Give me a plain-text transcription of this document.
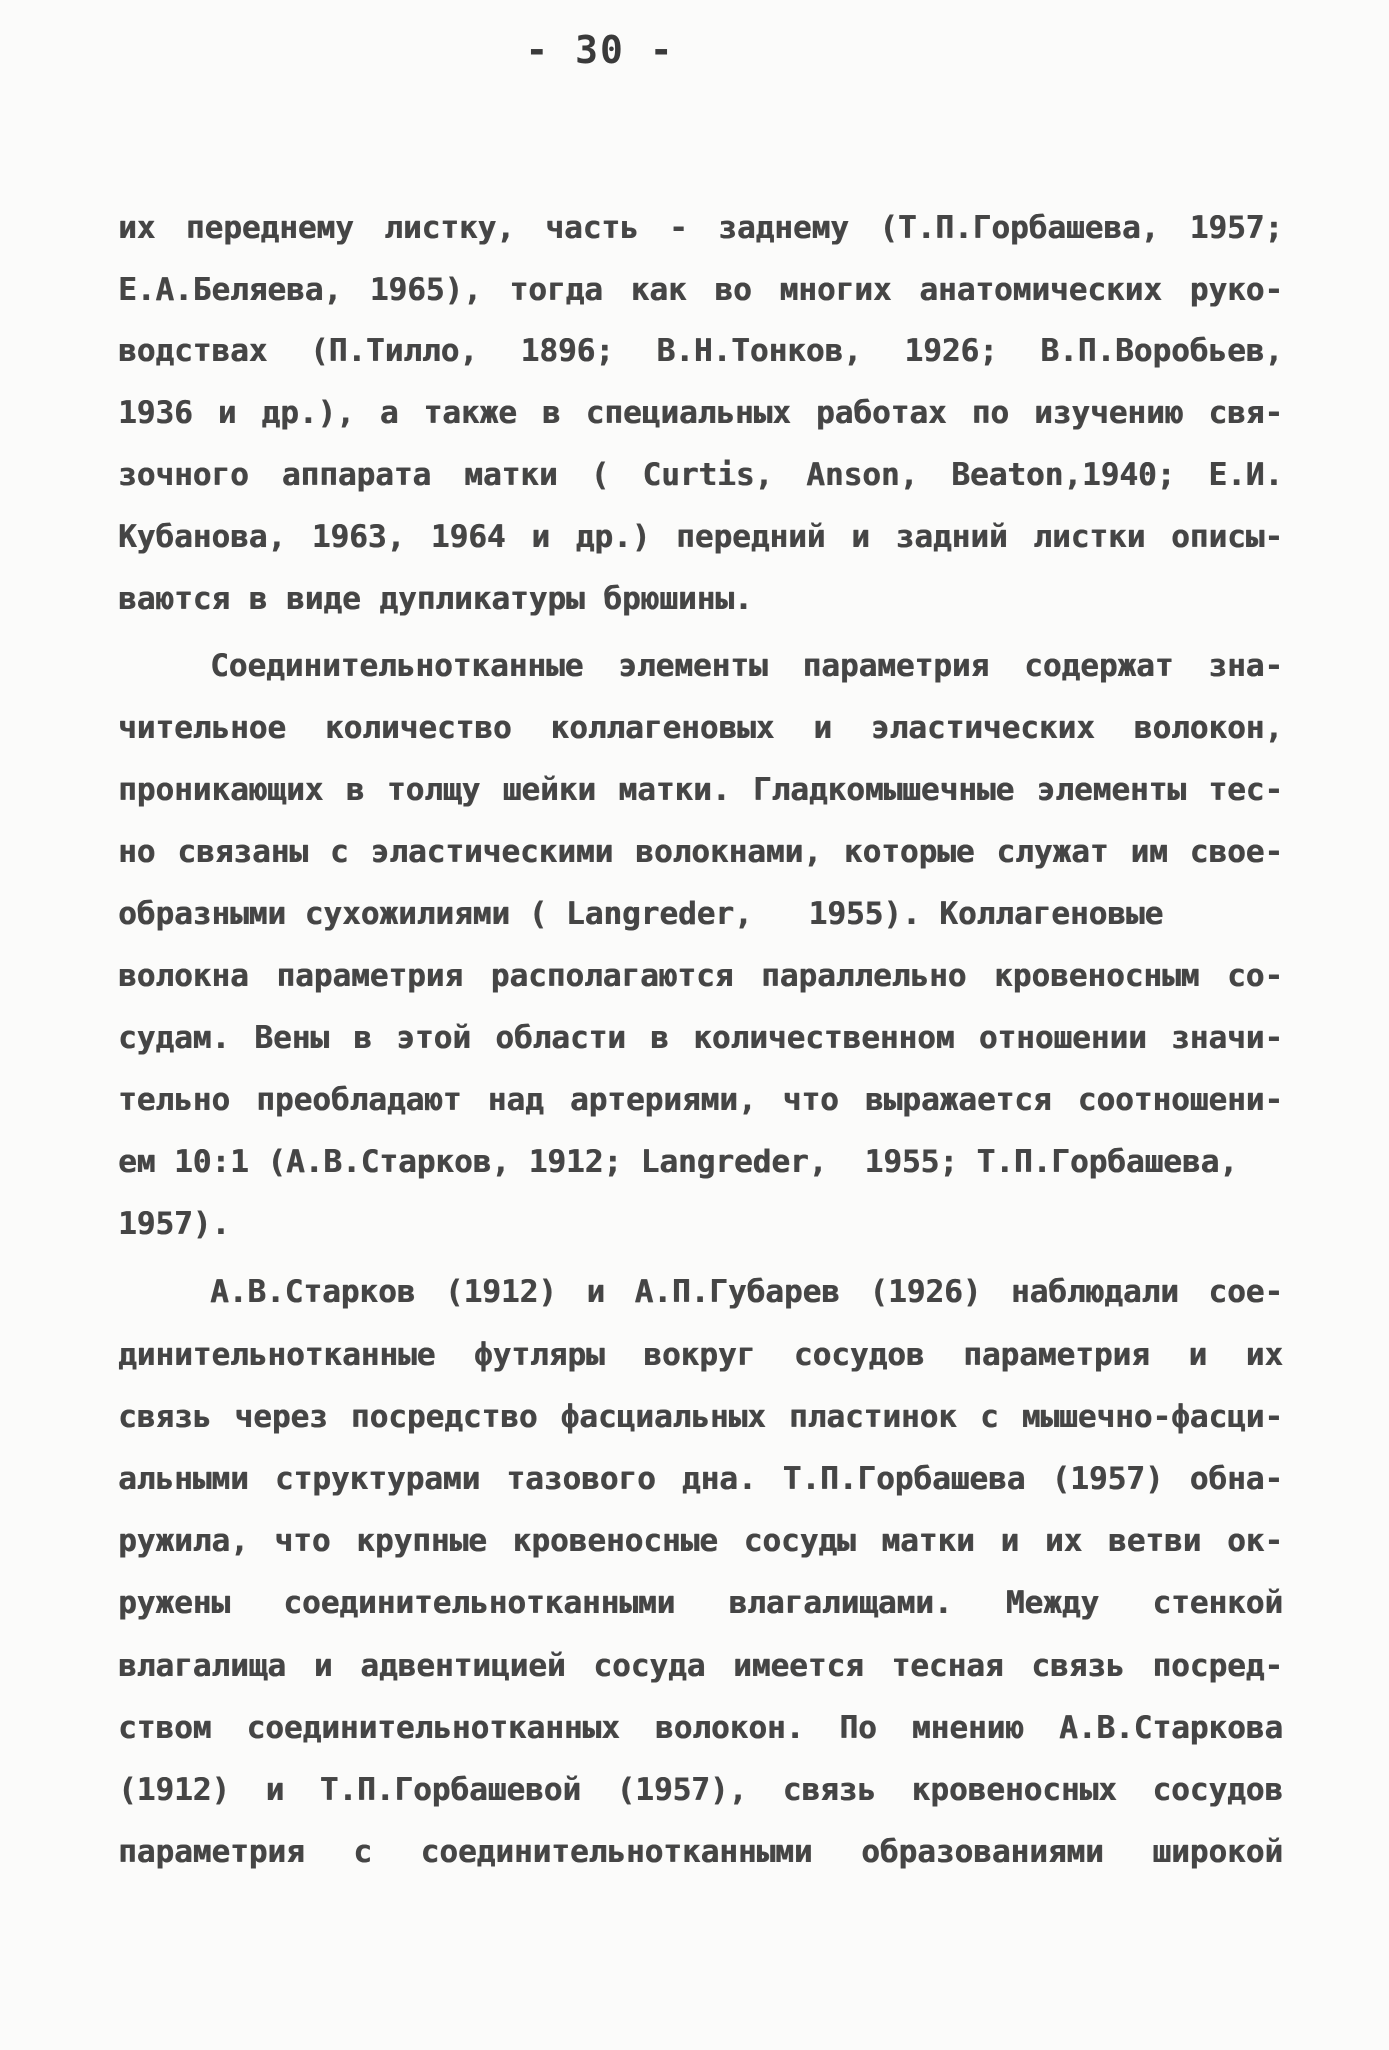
- 30 -
их переднему листку, часть - заднему (Т.П.Горбашева, 1957;
Е.А.Беляева, 1965), тогда как во многих анатомических руко-
водствах (П.Тилло, 1896; В.Н.Тонков, 1926; В.П.Воробьев,
1936 и др.), а также в специальных работах по изучению свя-
зочного аппарата матки ( Curtis, Anson, Beaton,1940; Е.И.
Кубанова, 1963, 1964 и др.) передний и задний листки описы-
ваются в виде дупликатуры брюшины.
Соединительнотканные элементы параметрия содержат зна-
чительное количество коллагеновых и эластических волокон,
проникающих в толщу шейки матки. Гладкомышечные элементы тес-
но связаны с эластическими волокнами, которые служат им свое-
образными сухожилиями ( Langreder,   1955). Коллагеновые
волокна параметрия располагаются параллельно кровеносным со-
судам. Вены в этой области в количественном отношении значи-
тельно преобладают над артериями, что выражается соотношени-
ем 10:1 (А.В.Старков, 1912; Langreder,  1955; Т.П.Горбашева,
1957).
А.В.Старков (1912) и А.П.Губарев (1926) наблюдали сое-
динительнотканные футляры вокруг сосудов параметрия и их
связь через посредство фасциальных пластинок с мышечно-фасци-
альными структурами тазового дна. Т.П.Горбашева (1957) обна-
ружила, что крупные кровеносные сосуды матки и их ветви ок-
ружены соединительнотканными влагалищами. Между стенкой
влагалища и адвентицией сосуда имеется тесная связь посред-
ством соединительнотканных волокон. По мнению А.В.Старкова
(1912) и Т.П.Горбашевой (1957), связь кровеносных сосудов
параметрия с соединительнотканными образованиями широкой
